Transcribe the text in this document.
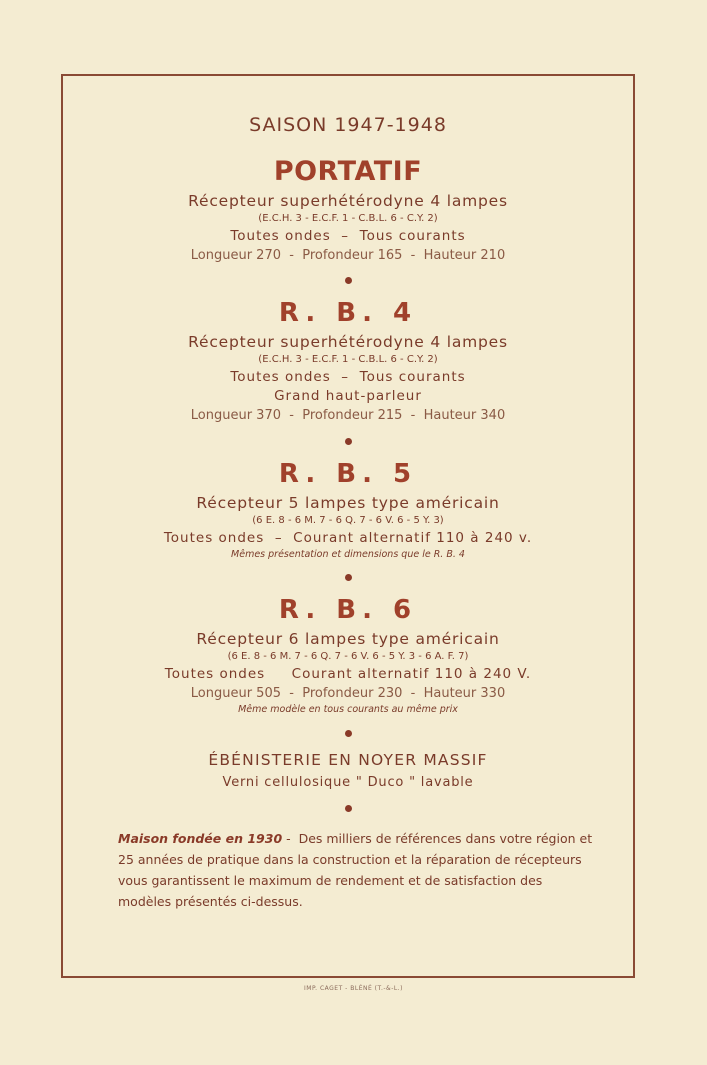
SAISON 1947-1948
PORTATIF
Récepteur superhétérodyne 4 lampes
(E.C.H. 3 - E.C.F. 1 - C.B.L. 6 - C.Y. 2)
Toutes ondes  –  Tous courants
Longueur 270  -  Profondeur 165  -  Hauteur 210
R. B. 4
Récepteur superhétérodyne 4 lampes
(E.C.H. 3 - E.C.F. 1 - C.B.L. 6 - C.Y. 2)
Toutes ondes  –  Tous courants
Grand haut-parleur
Longueur 370  -  Profondeur 215  -  Hauteur 340
R. B. 5
Récepteur 5 lampes type américain
(6 E. 8 - 6 M. 7 - 6 Q. 7 - 6 V. 6 - 5 Y. 3)
Toutes ondes  –  Courant alternatif 110 à 240 v.
Mêmes présentation et dimensions que le R. B. 4
R. B. 6
Récepteur 6 lampes type américain
(6 E. 8 - 6 M. 7 - 6 Q. 7 - 6 V. 6 - 5 Y. 3 - 6 A. F. 7)
Toutes ondes     Courant alternatif 110 à 240 V.
Longueur 505  -  Profondeur 230  -  Hauteur 330
Même modèle en tous courants au même prix
ÉBÉNISTERIE EN NOYER MASSIF
Verni cellulosique " Duco " lavable
Maison fondée en 1930 -  Des milliers de références dans votre région et 25 années de pratique dans la construction et la réparation de récepteurs vous garantissent le maximum de rendement et de satisfaction des modèles présentés ci-dessus.
IMP. CAGET - BLÉNÉ (T.-&-L.)
